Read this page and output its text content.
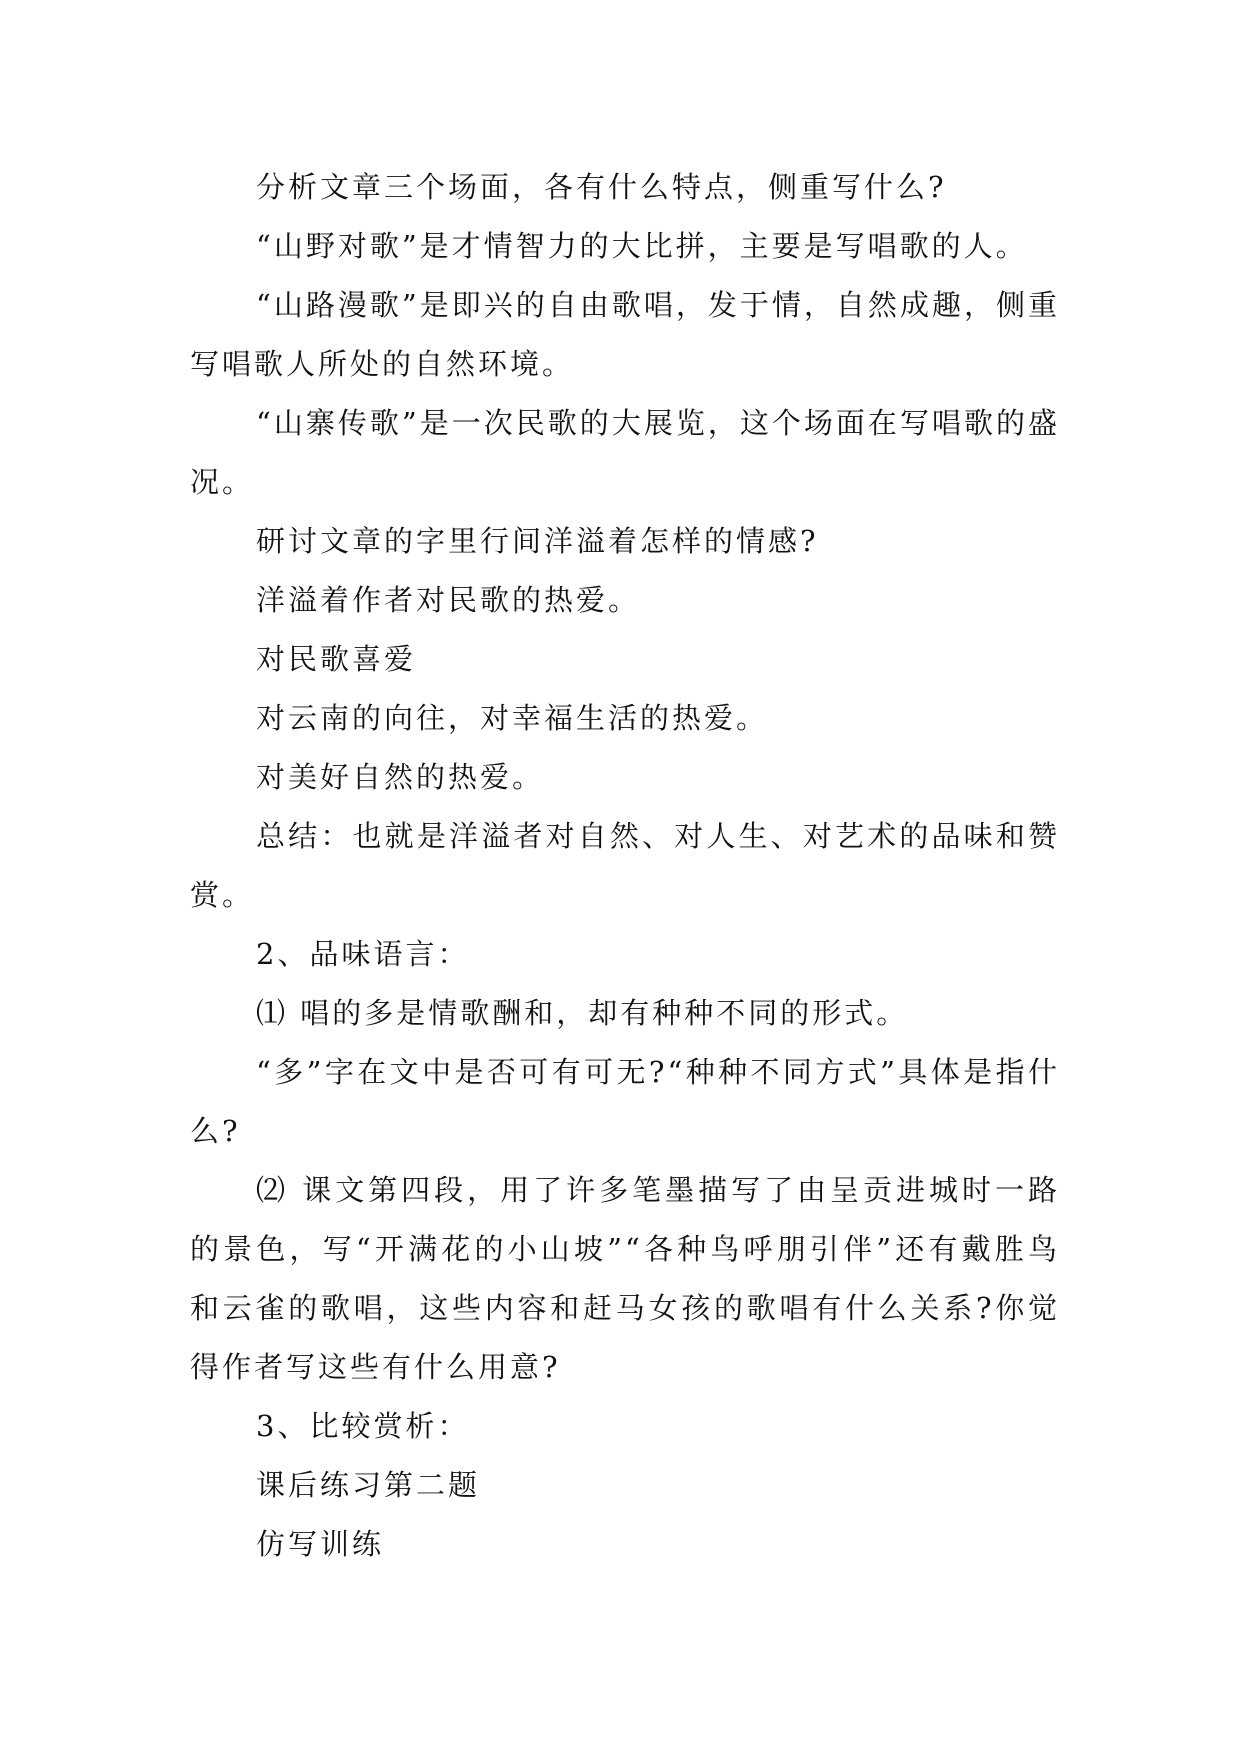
分析文章三个场面，各有什么特点，侧重写什么?

“山野对歌”是才情智力的大比拼，主要是写唱歌的人。

“山路漫歌”是即兴的自由歌唱，发于情，自然成趣，侧重写唱歌人所处的自然环境。

“山寨传歌”是一次民歌的大展览，这个场面在写唱歌的盛况。

研讨文章的字里行间洋溢着怎样的情感?

洋溢着作者对民歌的热爱。

对民歌喜爱

对云南的向往，对幸福生活的热爱。

对美好自然的热爱。

总结：也就是洋溢者对自然、对人生、对艺术的品味和赞赏。

2、品味语言：

⑴ 唱的多是情歌酬和，却有种种不同的形式。

“多”字在文中是否可有可无?“种种不同方式”具体是指什么?

⑵ 课文第四段，用了许多笔墨描写了由呈贡进城时一路的景色，写“开满花的小山坡”“各种鸟呼朋引伴”还有戴胜鸟和云雀的歌唱，这些内容和赶马女孩的歌唱有什么关系?你觉得作者写这些有什么用意?

3、比较赏析：

课后练习第二题

仿写训练
